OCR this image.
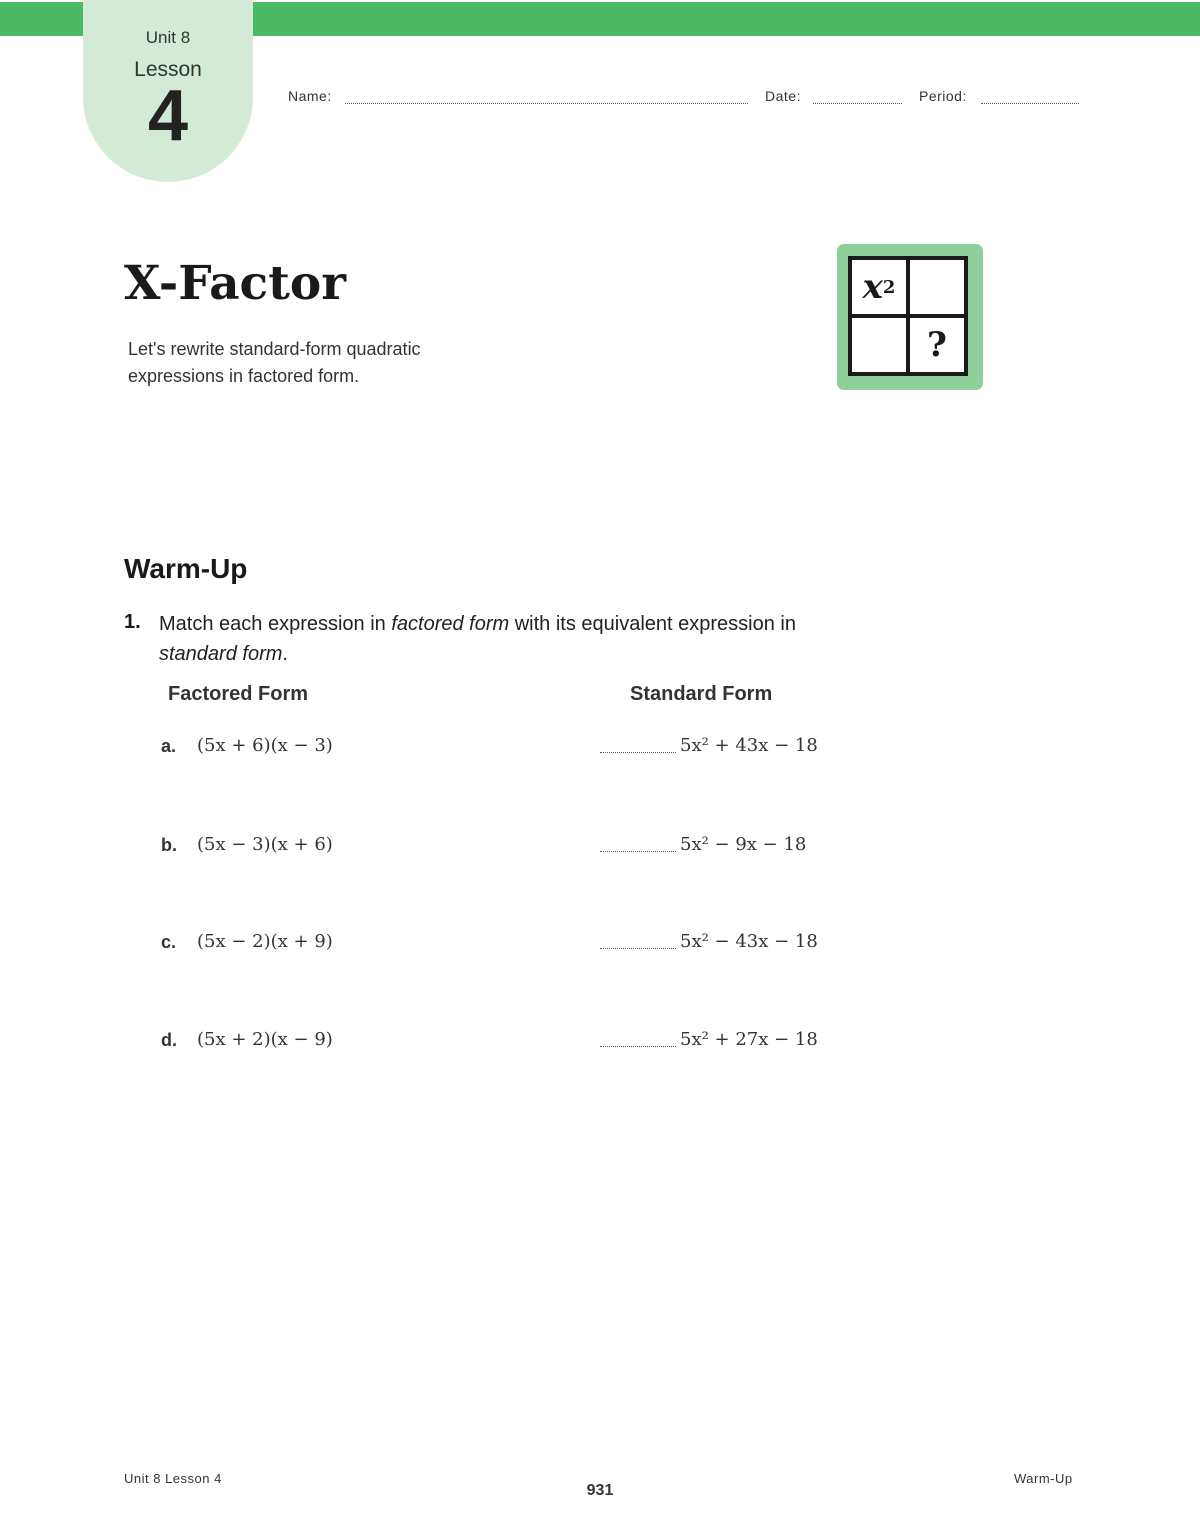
Unit 8
Lesson
4	Name:	Date:	Period:
X-Factor
Let's rewrite standard-form quadratic expressions in factored form.
x 2
?
Warm-Up
1. Match each expression in factored form with its equivalent expression in standard form.
Factored Form	Standard Form
a. (5x + 6)(x − 3)	5x² + 43x − 18
b. (5x − 3)(x + 6)	5x² − 9x − 18
c. (5x − 2)(x + 9)	5x² − 43x − 18
d. (5x + 2)(x − 9)	5x² + 27x − 18
Unit 8 Lesson 4	Warm-Up
931
